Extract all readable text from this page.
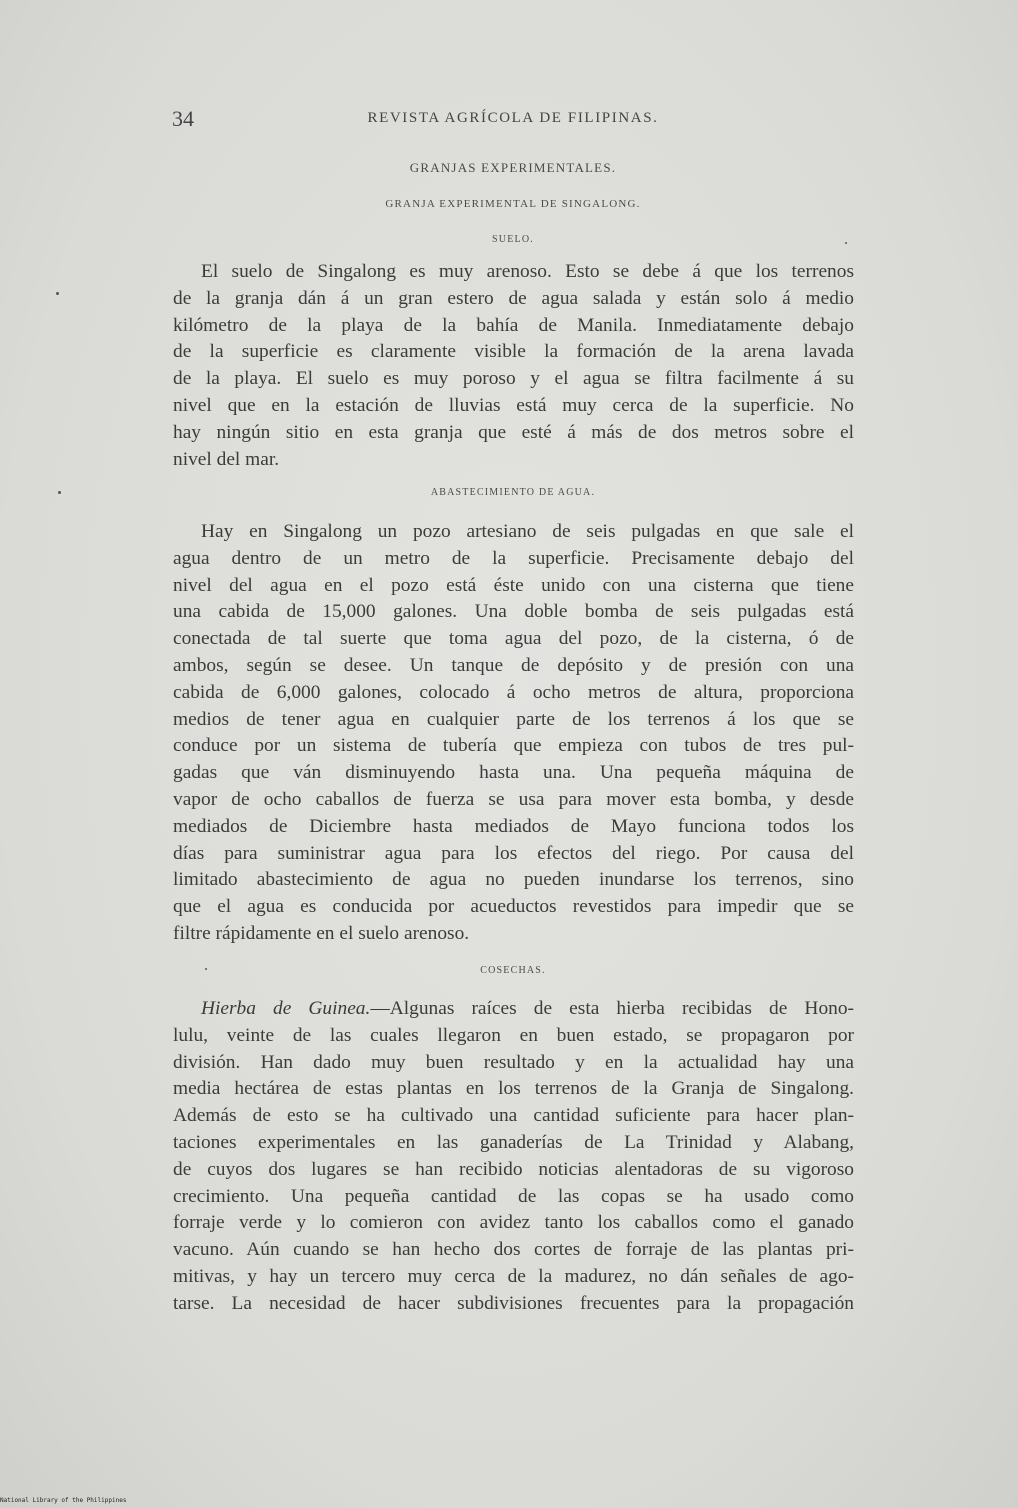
34	REVISTA AGRÍCOLA DE FILIPINAS.
GRANJAS EXPERIMENTALES.
GRANJA EXPERIMENTAL DE SINGALONG.
SUELO.
El suelo de Singalong es muy arenoso. Esto se debe á que los terrenos
de la granja dán á un gran estero de agua salada y están solo á medio
kilómetro de la playa de la bahía de Manila. Inmediatamente debajo
de la superficie es claramente visible la formación de la arena lavada
de la playa. El suelo es muy poroso y el agua se filtra facilmente á su
nivel que en la estación de lluvias está muy cerca de la superficie. No
hay ningún sitio en esta granja que esté á más de dos metros sobre el
nivel del mar.
ABASTECIMIENTO DE AGUA.
Hay en Singalong un pozo artesiano de seis pulgadas en que sale el
agua dentro de un metro de la superficie. Precisamente debajo del
nivel del agua en el pozo está éste unido con una cisterna que tiene
una cabida de 15,000 galones. Una doble bomba de seis pulgadas está
conectada de tal suerte que toma agua del pozo, de la cisterna, ó de
ambos, según se desee. Un tanque de depósito y de presión con una
cabida de 6,000 galones, colocado á ocho metros de altura, proporciona
medios de tener agua en cualquier parte de los terrenos á los que se
conduce por un sistema de tubería que empieza con tubos de tres pul-
gadas que ván disminuyendo hasta una. Una pequeña máquina de
vapor de ocho caballos de fuerza se usa para mover esta bomba, y desde
mediados de Diciembre hasta mediados de Mayo funciona todos los
días para suministrar agua para los efectos del riego. Por causa del
limitado abastecimiento de agua no pueden inundarse los terrenos, sino
que el agua es conducida por acueductos revestidos para impedir que se
filtre rápidamente en el suelo arenoso.
COSECHAS.
Hierba de Guinea.—Algunas raíces de esta hierba recibidas de Hono-
lulu, veinte de las cuales llegaron en buen estado, se propagaron por
división. Han dado muy buen resultado y en la actualidad hay una
media hectárea de estas plantas en los terrenos de la Granja de Singalong.
Además de esto se ha cultivado una cantidad suficiente para hacer plan-
taciones experimentales en las ganaderías de La Trinidad y Alabang,
de cuyos dos lugares se han recibido noticias alentadoras de su vigoroso
crecimiento. Una pequeña cantidad de las copas se ha usado como
forraje verde y lo comieron con avidez tanto los caballos como el ganado
vacuno. Aún cuando se han hecho dos cortes de forraje de las plantas pri-
mitivas, y hay un tercero muy cerca de la madurez, no dán señales de ago-
tarse. La necesidad de hacer subdivisiones frecuentes para la propagación
National Library of the Philippines
